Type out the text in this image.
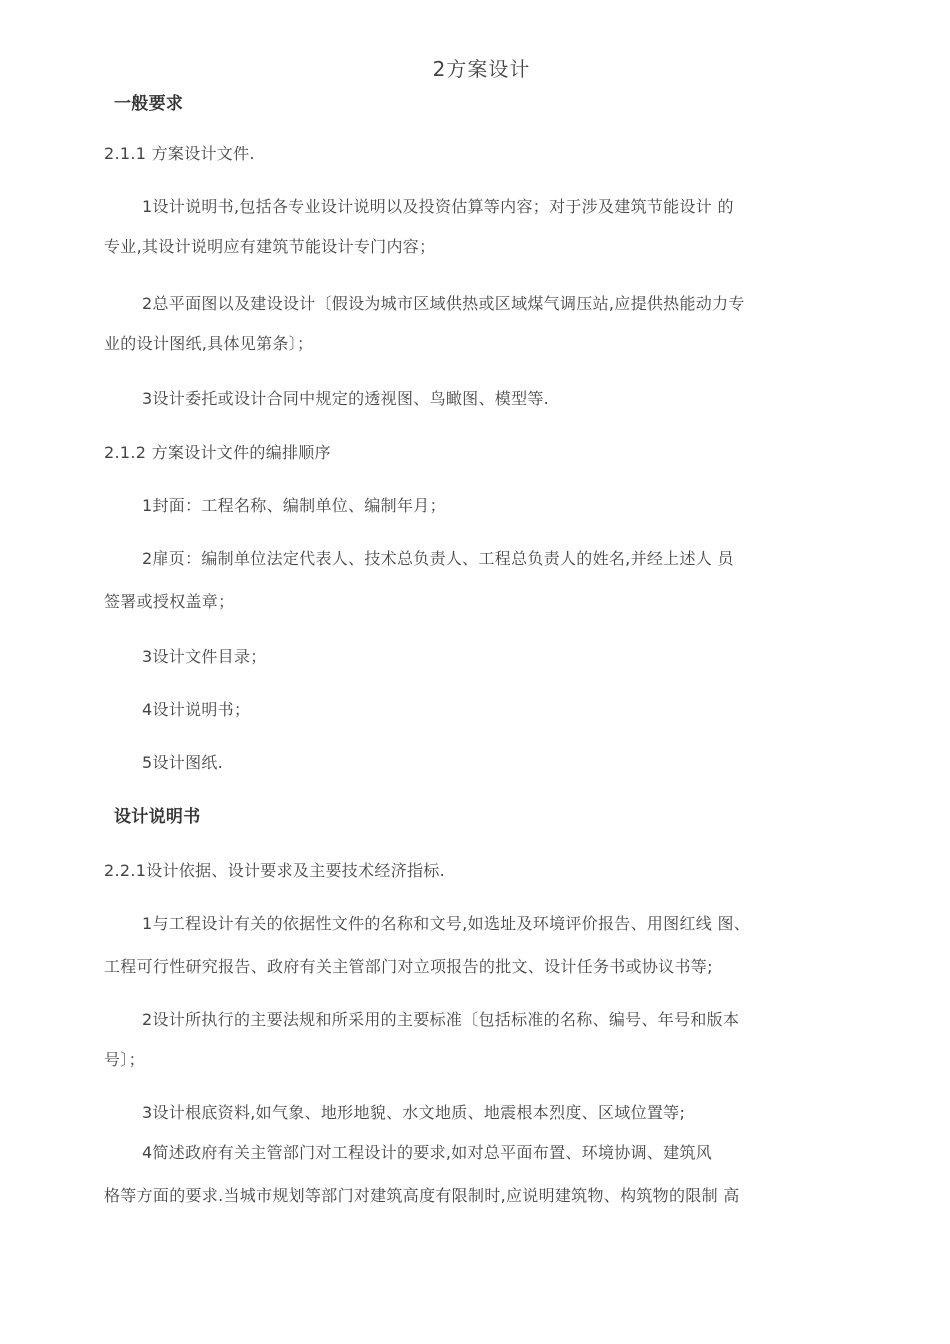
2方案设计
一般要求
2.1.1 方案设计文件.
1设计说明书,包括各专业设计说明以及投资估算等内容；对于涉及建筑节能设计 的
专业,其设计说明应有建筑节能设计专门内容；
2总平面图以及建设设计〔假设为城市区域供热或区域煤气调压站,应提供热能动力专
业的设计图纸,具体见第条〕；
3设计委托或设计合同中规定的透视图、鸟瞰图、模型等.
2.1.2 方案设计文件的编排顺序
1封面：工程名称、编制单位、编制年月；
2扉页：编制单位法定代表人、技术总负责人、工程总负责人的姓名,并经上述人 员
签署或授权盖章；
3设计文件目录；
4设计说明书；
5设计图纸.
设计说明书
2.2.1设计依据、设计要求及主要技术经济指标.
1与工程设计有关的依据性文件的名称和文号,如选址及环境评价报告、用图红线 图、
工程可行性研究报告、政府有关主管部门对立项报告的批文、设计任务书或协议书等;
2设计所执行的主要法规和所采用的主要标准〔包括标准的名称、编号、年号和版本
号〕；
3设计根底资料,如气象、地形地貌、水文地质、地震根本烈度、区域位置等;
4简述政府有关主管部门对工程设计的要求,如对总平面布置、环境协调、建筑风
格等方面的要求.当城市规划等部门对建筑高度有限制时,应说明建筑物、构筑物的限制 高
